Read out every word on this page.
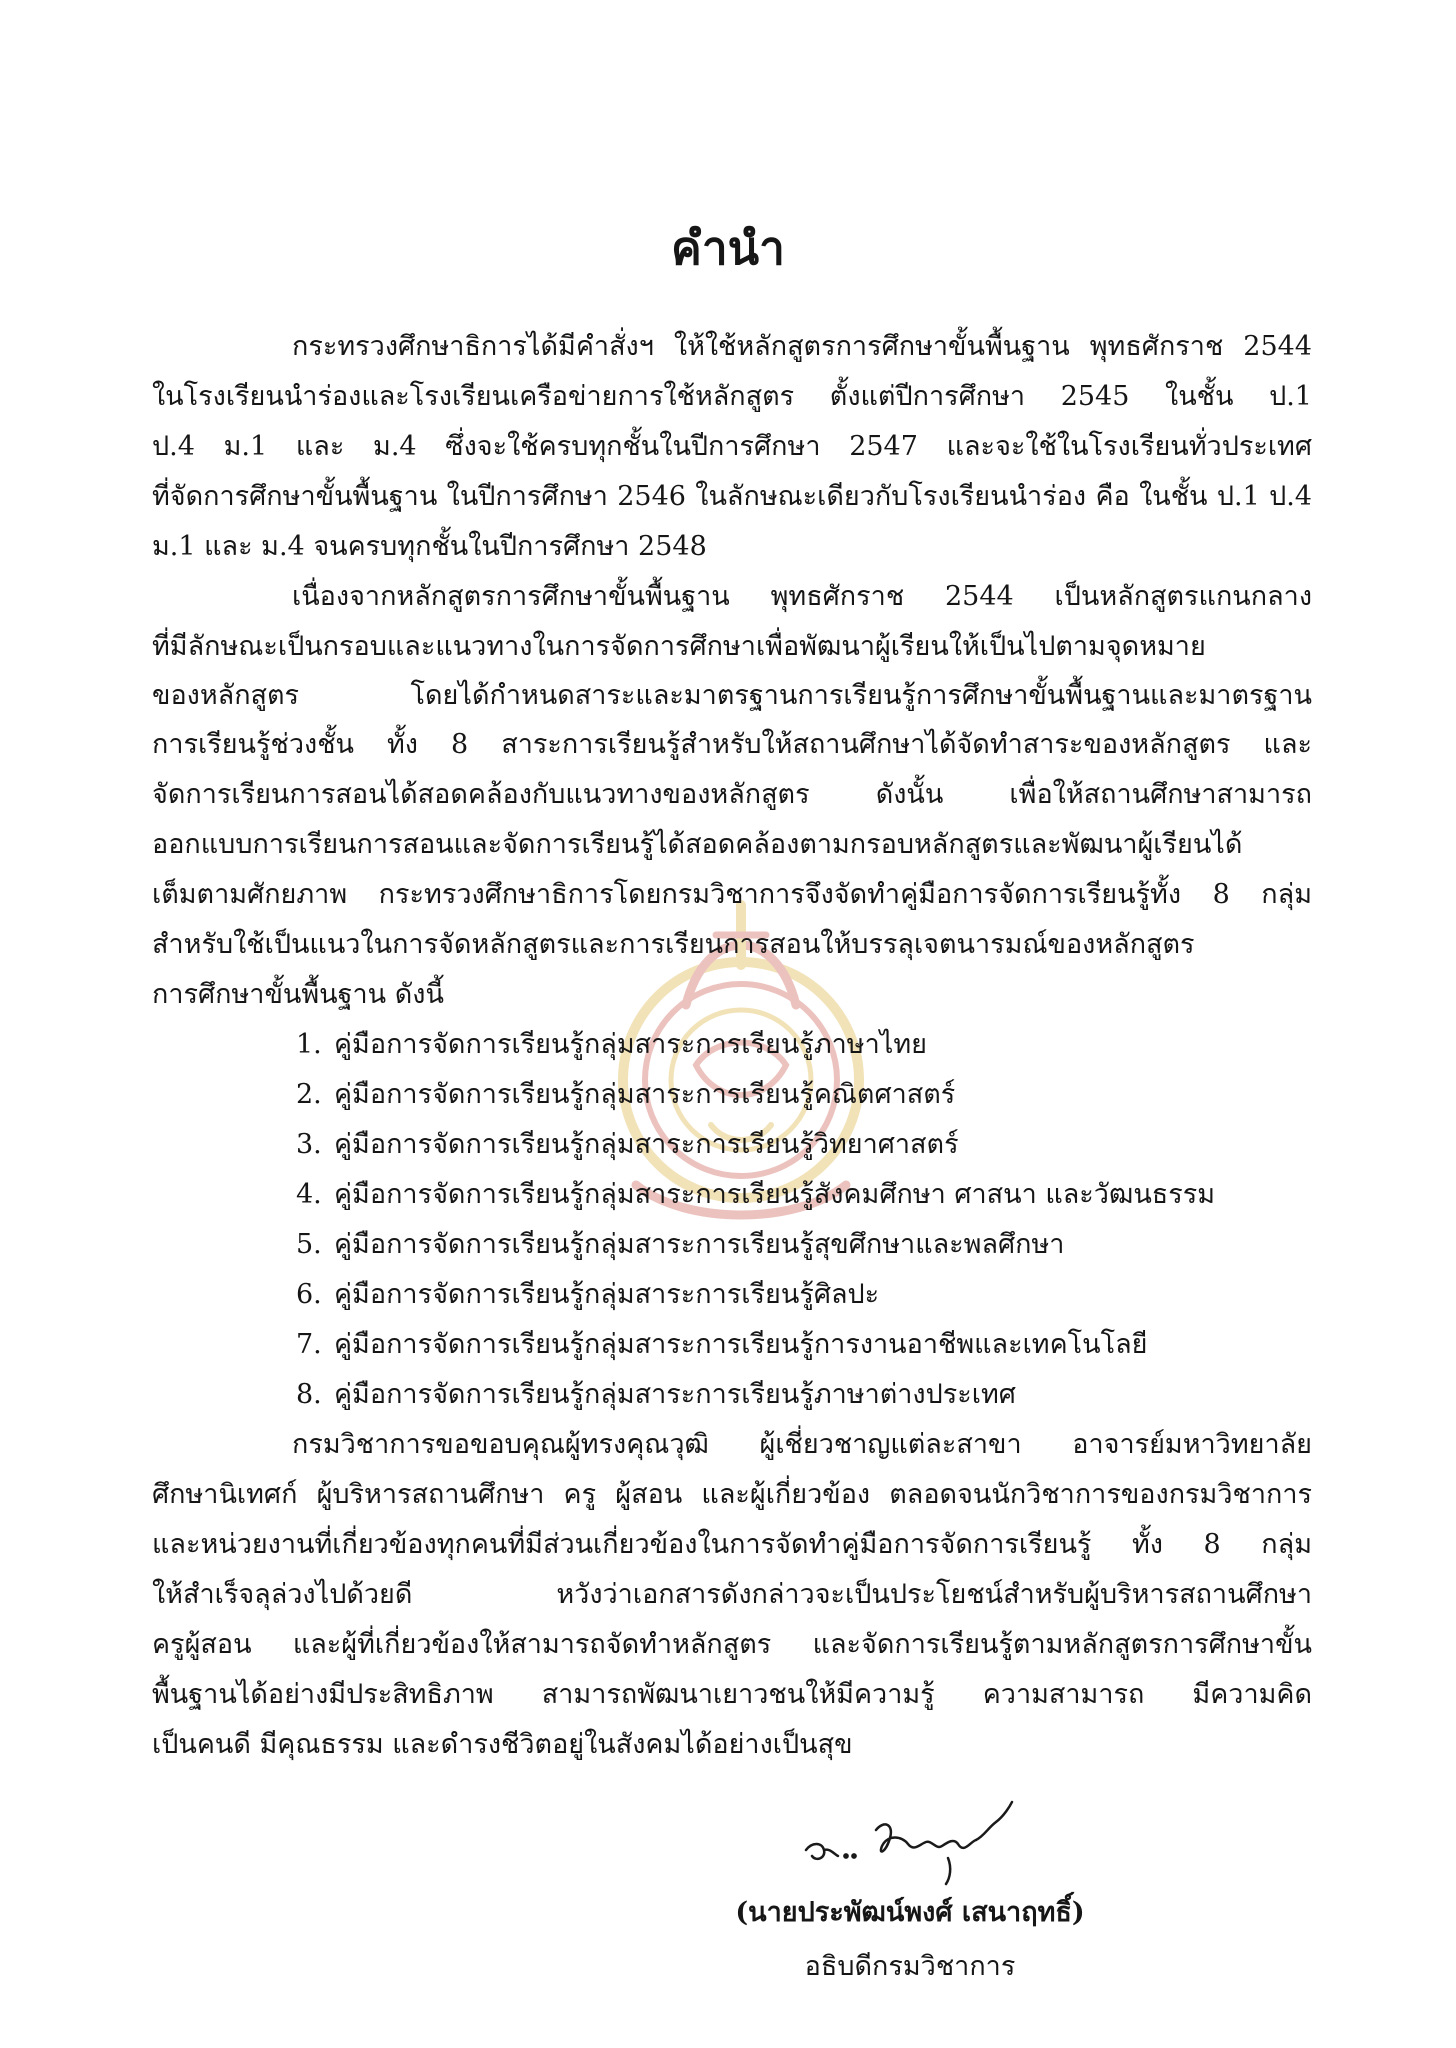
คำนำ
กระทรวงศึกษาธิการได้มีคำสั่งฯ ให้ใช้หลักสูตรการศึกษาขั้นพื้นฐาน พุทธศักราช 2544
ในโรงเรียนนำร่องและโรงเรียนเครือข่ายการใช้หลักสูตร ตั้งแต่ปีการศึกษา 2545 ในชั้น ป.1
ป.4 ม.1 และ ม.4 ซึ่งจะใช้ครบทุกชั้นในปีการศึกษา 2547 และจะใช้ในโรงเรียนทั่วประเทศ
ที่จัดการศึกษาขั้นพื้นฐาน ในปีการศึกษา 2546 ในลักษณะเดียวกับโรงเรียนนำร่อง คือ ในชั้น ป.1 ป.4
ม.1 และ ม.4 จนครบทุกชั้นในปีการศึกษา 2548
เนื่องจากหลักสูตรการศึกษาขั้นพื้นฐาน พุทธศักราช 2544 เป็นหลักสูตรแกนกลาง
ที่มีลักษณะเป็นกรอบและแนวทางในการจัดการศึกษาเพื่อพัฒนาผู้เรียนให้เป็นไปตามจุดหมาย
ของหลักสูตร โดยได้กำหนดสาระและมาตรฐานการเรียนรู้การศึกษาขั้นพื้นฐานและมาตรฐาน
การเรียนรู้ช่วงชั้น ทั้ง 8 สาระการเรียนรู้สำหรับให้สถานศึกษาได้จัดทำสาระของหลักสูตร และ
จัดการเรียนการสอนได้สอดคล้องกับแนวทางของหลักสูตร ดังนั้น เพื่อให้สถานศึกษาสามารถ
ออกแบบการเรียนการสอนและจัดการเรียนรู้ได้สอดคล้องตามกรอบหลักสูตรและพัฒนาผู้เรียนได้
เต็มตามศักยภาพ กระทรวงศึกษาธิการโดยกรมวิชาการจึงจัดทำคู่มือการจัดการเรียนรู้ทั้ง 8 กลุ่ม
สำหรับใช้เป็นแนวในการจัดหลักสูตรและการเรียนการสอนให้บรรลุเจตนารมณ์ของหลักสูตร
การศึกษาขั้นพื้นฐาน ดังนี้
1. คู่มือการจัดการเรียนรู้กลุ่มสาระการเรียนรู้ภาษาไทย
2. คู่มือการจัดการเรียนรู้กลุ่มสาระการเรียนรู้คณิตศาสตร์
3. คู่มือการจัดการเรียนรู้กลุ่มสาระการเรียนรู้วิทยาศาสตร์
4. คู่มือการจัดการเรียนรู้กลุ่มสาระการเรียนรู้สังคมศึกษา ศาสนา และวัฒนธรรม
5. คู่มือการจัดการเรียนรู้กลุ่มสาระการเรียนรู้สุขศึกษาและพลศึกษา
6. คู่มือการจัดการเรียนรู้กลุ่มสาระการเรียนรู้ศิลปะ
7. คู่มือการจัดการเรียนรู้กลุ่มสาระการเรียนรู้การงานอาชีพและเทคโนโลยี
8. คู่มือการจัดการเรียนรู้กลุ่มสาระการเรียนรู้ภาษาต่างประเทศ
กรมวิชาการขอขอบคุณผู้ทรงคุณวุฒิ ผู้เชี่ยวชาญแต่ละสาขา อาจารย์มหาวิทยาลัย
ศึกษานิเทศก์ ผู้บริหารสถานศึกษา ครู ผู้สอน และผู้เกี่ยวข้อง ตลอดจนนักวิชาการของกรมวิชาการ
และหน่วยงานที่เกี่ยวข้องทุกคนที่มีส่วนเกี่ยวข้องในการจัดทำคู่มือการจัดการเรียนรู้ ทั้ง 8 กลุ่ม
ให้สำเร็จลุล่วงไปด้วยดี หวังว่าเอกสารดังกล่าวจะเป็นประโยชน์สำหรับผู้บริหารสถานศึกษา
ครูผู้สอน และผู้ที่เกี่ยวข้องให้สามารถจัดทำหลักสูตร และจัดการเรียนรู้ตามหลักสูตรการศึกษาขั้น
พื้นฐานได้อย่างมีประสิทธิภาพ สามารถพัฒนาเยาวชนให้มีความรู้ ความสามารถ มีความคิด
เป็นคนดี มีคุณธรรม และดำรงชีวิตอยู่ในสังคมได้อย่างเป็นสุข
(นายประพัฒน์พงศ์ เสนาฤทธิ์)
อธิบดีกรมวิชาการ
